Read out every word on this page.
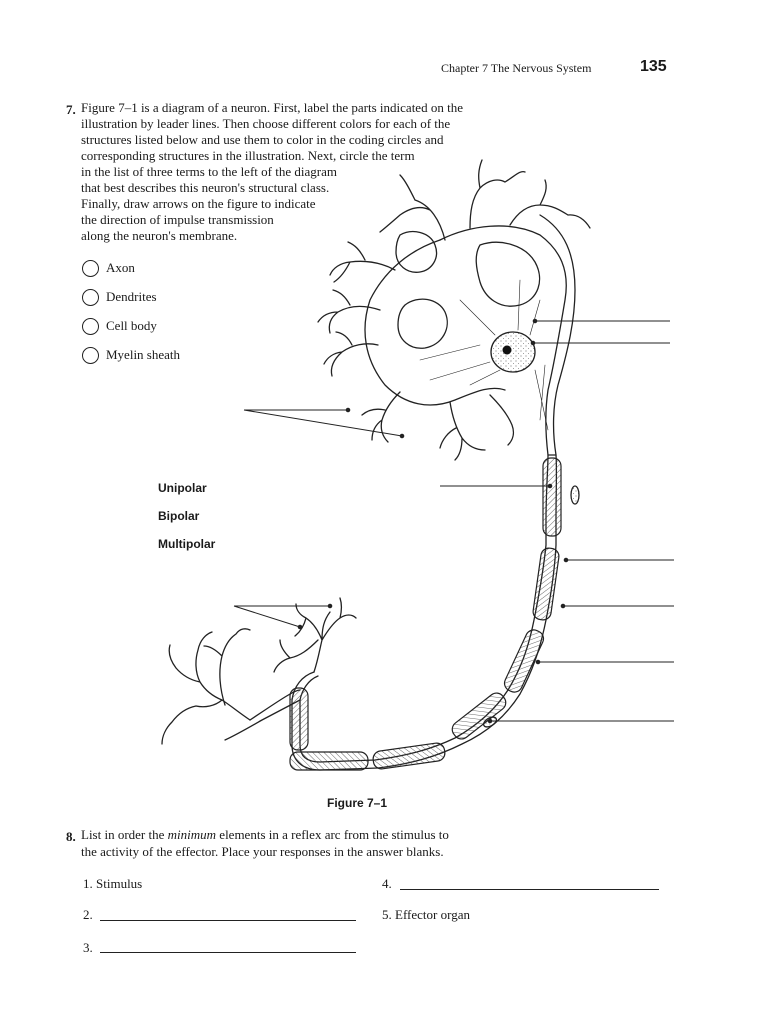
Chapter 7 The Nervous System	135
7. Figure 7–1 is a diagram of a neuron. First, label the parts indicated on the
illustration by leader lines. Then choose different colors for each of the
structures listed below and use them to color in the coding circles and
corresponding structures in the illustration. Next, circle the term
in the list of three terms to the left of the diagram
that best describes this neuron's structural class.
Finally, draw arrows on the figure to indicate
the direction of impulse transmission
along the neuron's membrane.
Axon
Dendrites
Cell body
Myelin sheath
Unipolar
Bipolar
Multipolar
Figure 7–1
8. List in order the minimum elements in a reflex arc from the stimulus to
the activity of the effector. Place your responses in the answer blanks.
1. Stimulus
2.
3.
4.
5. Effector organ
